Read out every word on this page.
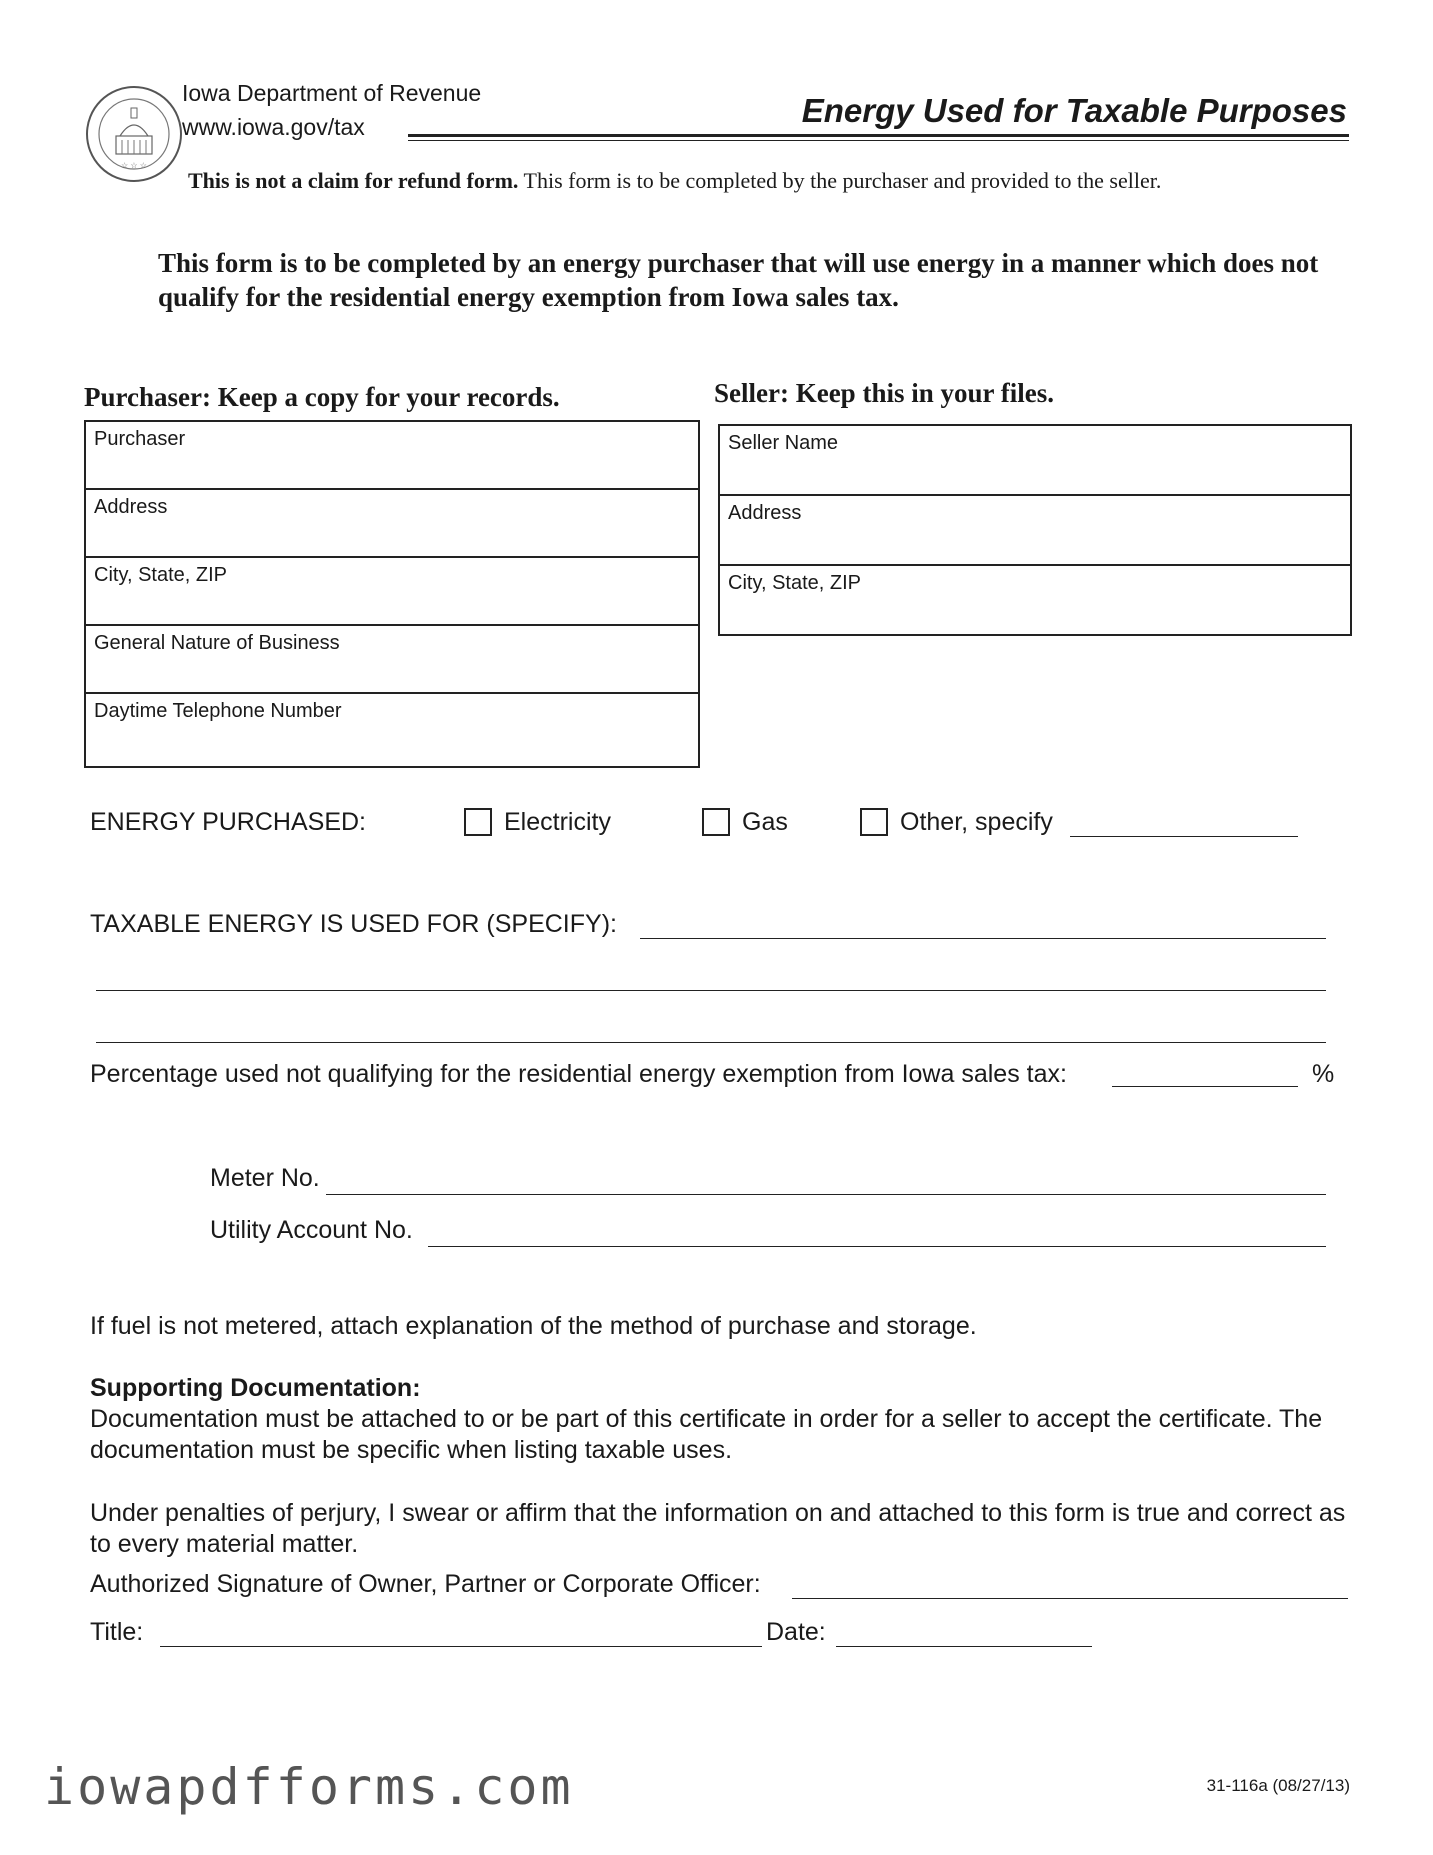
☆ ☆ ☆
Iowa Department of Revenue
www.iowa.gov/tax	Energy Used for Taxable Purposes
This is not a claim for refund form. This form is to be completed by the purchaser and provided to the seller.
This form is to be completed by an energy purchaser that will use energy in a manner which does not qualify for the residential energy exemption from Iowa sales tax.
Purchaser: Keep a copy for your records.
Purchaser
Address
City, State, ZIP
General Nature of Business
Daytime Telephone Number
Seller: Keep this in your files.
Seller Name
Address
City, State, ZIP
ENERGY PURCHASED:	Electricity	Gas	Other, specify
TAXABLE ENERGY IS USED FOR (SPECIFY):
Percentage used not qualifying for the residential energy exemption from Iowa sales tax:	%
Meter No.
Utility Account No.
If fuel is not metered, attach explanation of the method of purchase and storage.
Supporting Documentation:
Documentation must be attached to or be part of this certificate in order for a seller to accept the certificate. The documentation must be specific when listing taxable uses.
Under penalties of perjury, I swear or affirm that the information on and attached to this form is true and correct as to every material matter.
Authorized Signature of Owner, Partner or Corporate Officer:
Title:	Date:
iowapdfforms.com	31-116a (08/27/13)
